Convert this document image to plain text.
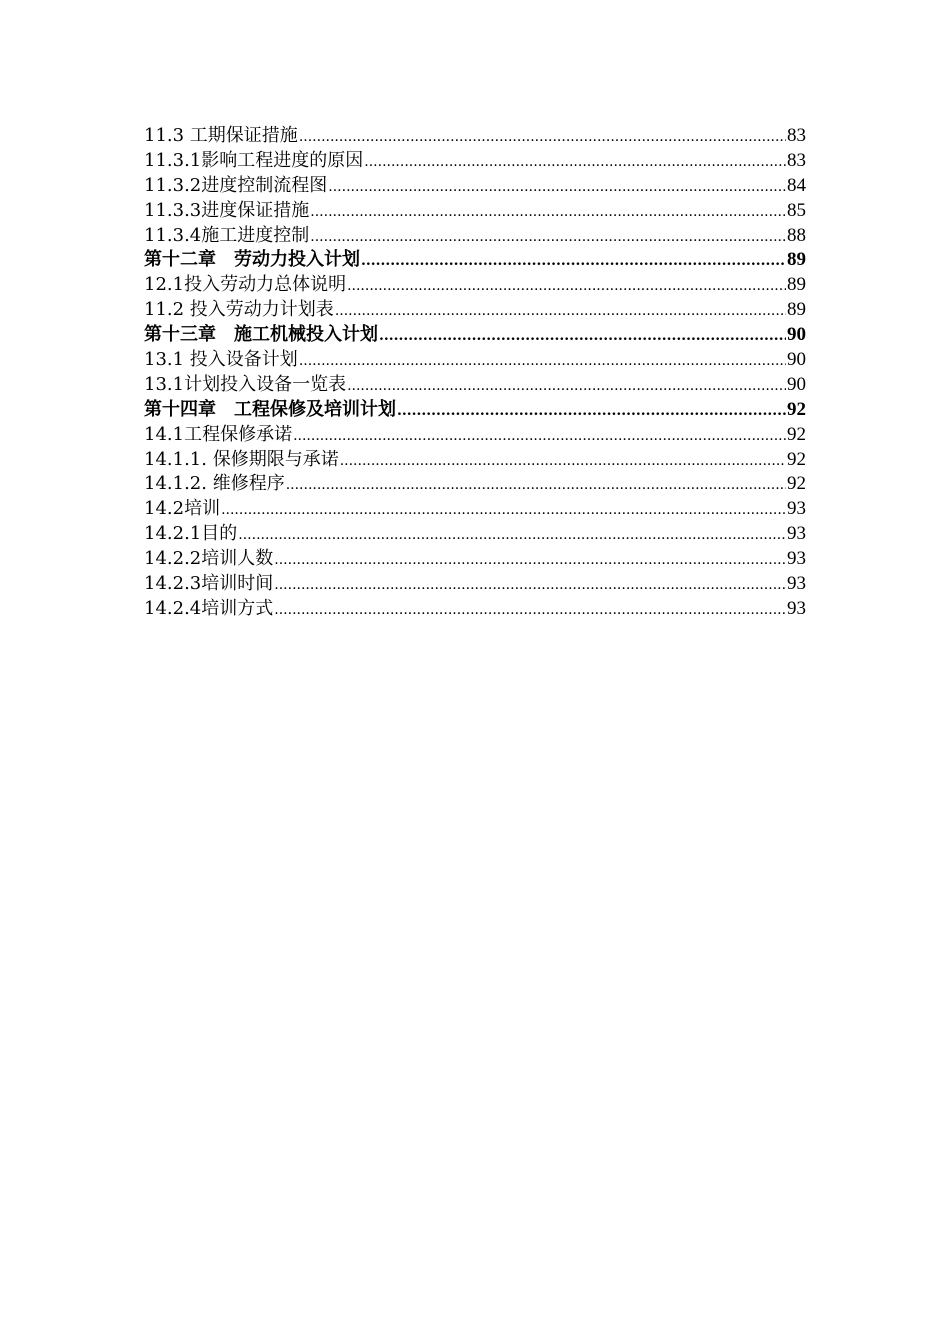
11.3 工期保证措施 .....	83
11.3.1影响工程进度的原因 .....	83
11.3.2进度控制流程图 .....	84
11.3.3进度保证措施 .....	85
11.3.4施工进度控制 .....	88
第十二章　劳动力投入计划 .....	89
12.1投入劳动力总体说明 .....	89
11.2 投入劳动力计划表 .....	89
第十三章　施工机械投入计划 .....	90
13.1 投入设备计划 .....	90
13.1计划投入设备一览表 .....	90
第十四章　工程保修及培训计划 .....	92
14.1工程保修承诺 .....	92
14.1.1. 保修期限与承诺 .....	92
14.1.2. 维修程序 .....	92
14.2培训 .....	93
14.2.1目的 .....	93
14.2.2培训人数 .....	93
14.2.3培训时间 .....	93
14.2.4培训方式 .....	93
